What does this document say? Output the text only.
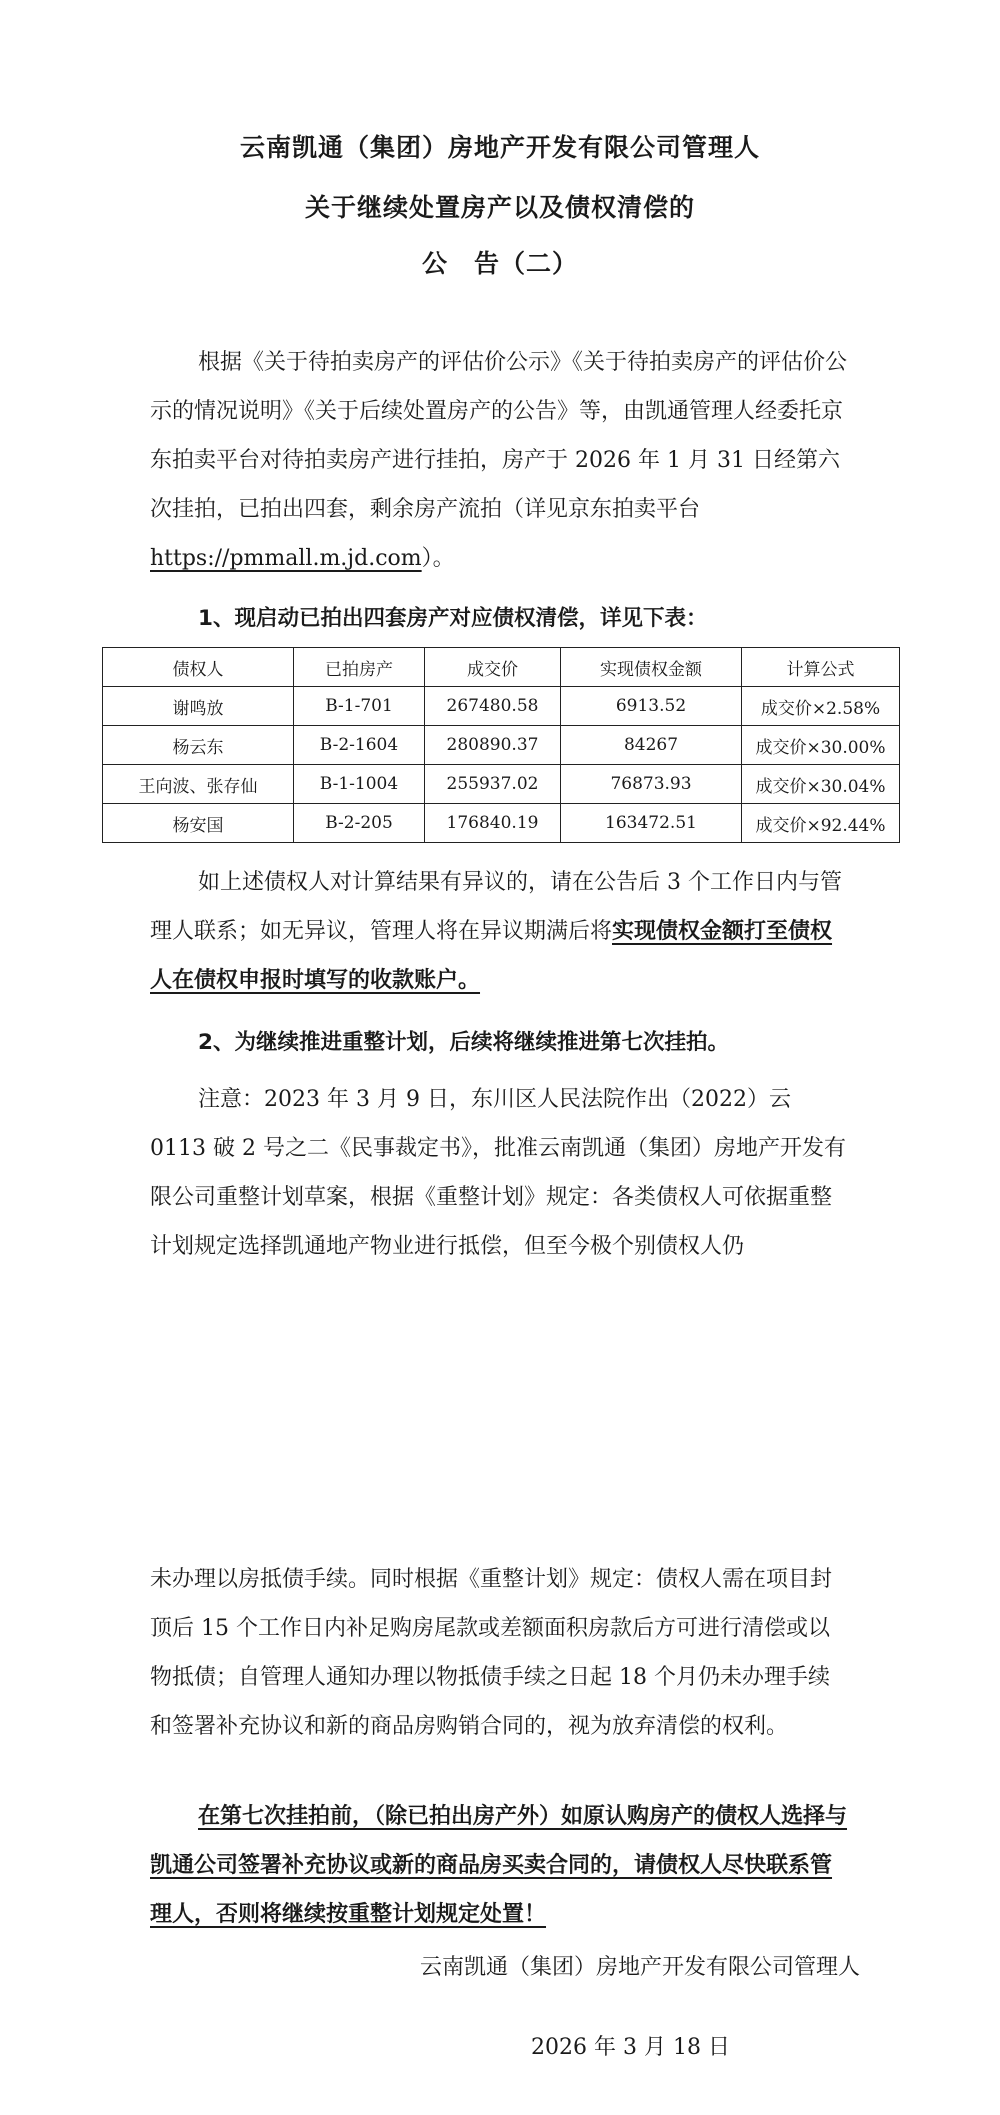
云南凯通（集团）房地产开发有限公司管理人
关于继续处置房产以及债权清偿的
公　告（二）

根据《关于待拍卖房产的评估价公示》《关于待拍卖房产的评估价公示的情况说明》《关于后续处置房产的公告》等，由凯通管理人经委托京东拍卖平台对待拍卖房产进行挂拍，房产于 2026 年 1 月 31 日经第六次挂拍，已拍出四套，剩余房产流拍（详见京东拍卖平台 https://pmmall.m.jd.com）。

1、现启动已拍出四套房产对应债权清偿，详见下表：

债权人	已拍房产	成交价	实现债权金额	计算公式
谢鸣放	B-1-701	267480.58	6913.52	成交价×2.58%
杨云东	B-2-1604	280890.37	84267	成交价×30.00%
王向波、张存仙	B-1-1004	255937.02	76873.93	成交价×30.04%
杨安国	B-2-205	176840.19	163472.51	成交价×92.44%

如上述债权人对计算结果有异议的，请在公告后 3 个工作日内与管理人联系；如无异议，管理人将在异议期满后将实现债权金额打至债权人在债权申报时填写的收款账户。

2、为继续推进重整计划，后续将继续推进第七次挂拍。

注意：2023 年 3 月 9 日，东川区人民法院作出（2022）云 0113 破 2 号之二《民事裁定书》，批准云南凯通（集团）房地产开发有限公司重整计划草案，根据《重整计划》规定：各类债权人可依据重整计划规定选择凯通地产物业进行抵偿，但至今极个别债权人仍

未办理以房抵债手续。同时根据《重整计划》规定：债权人需在项目封顶后 15 个工作日内补足购房尾款或差额面积房款后方可进行清偿或以物抵债；自管理人通知办理以物抵债手续之日起 18 个月仍未办理手续和签署补充协议和新的商品房购销合同的，视为放弃清偿的权利。

在第七次挂拍前，（除已拍出房产外）如原认购房产的债权人选择与凯通公司签署补充协议或新的商品房买卖合同的，请债权人尽快联系管理人，否则将继续按重整计划规定处置！

云南凯通（集团）房地产开发有限公司管理人
2026 年 3 月 18 日
